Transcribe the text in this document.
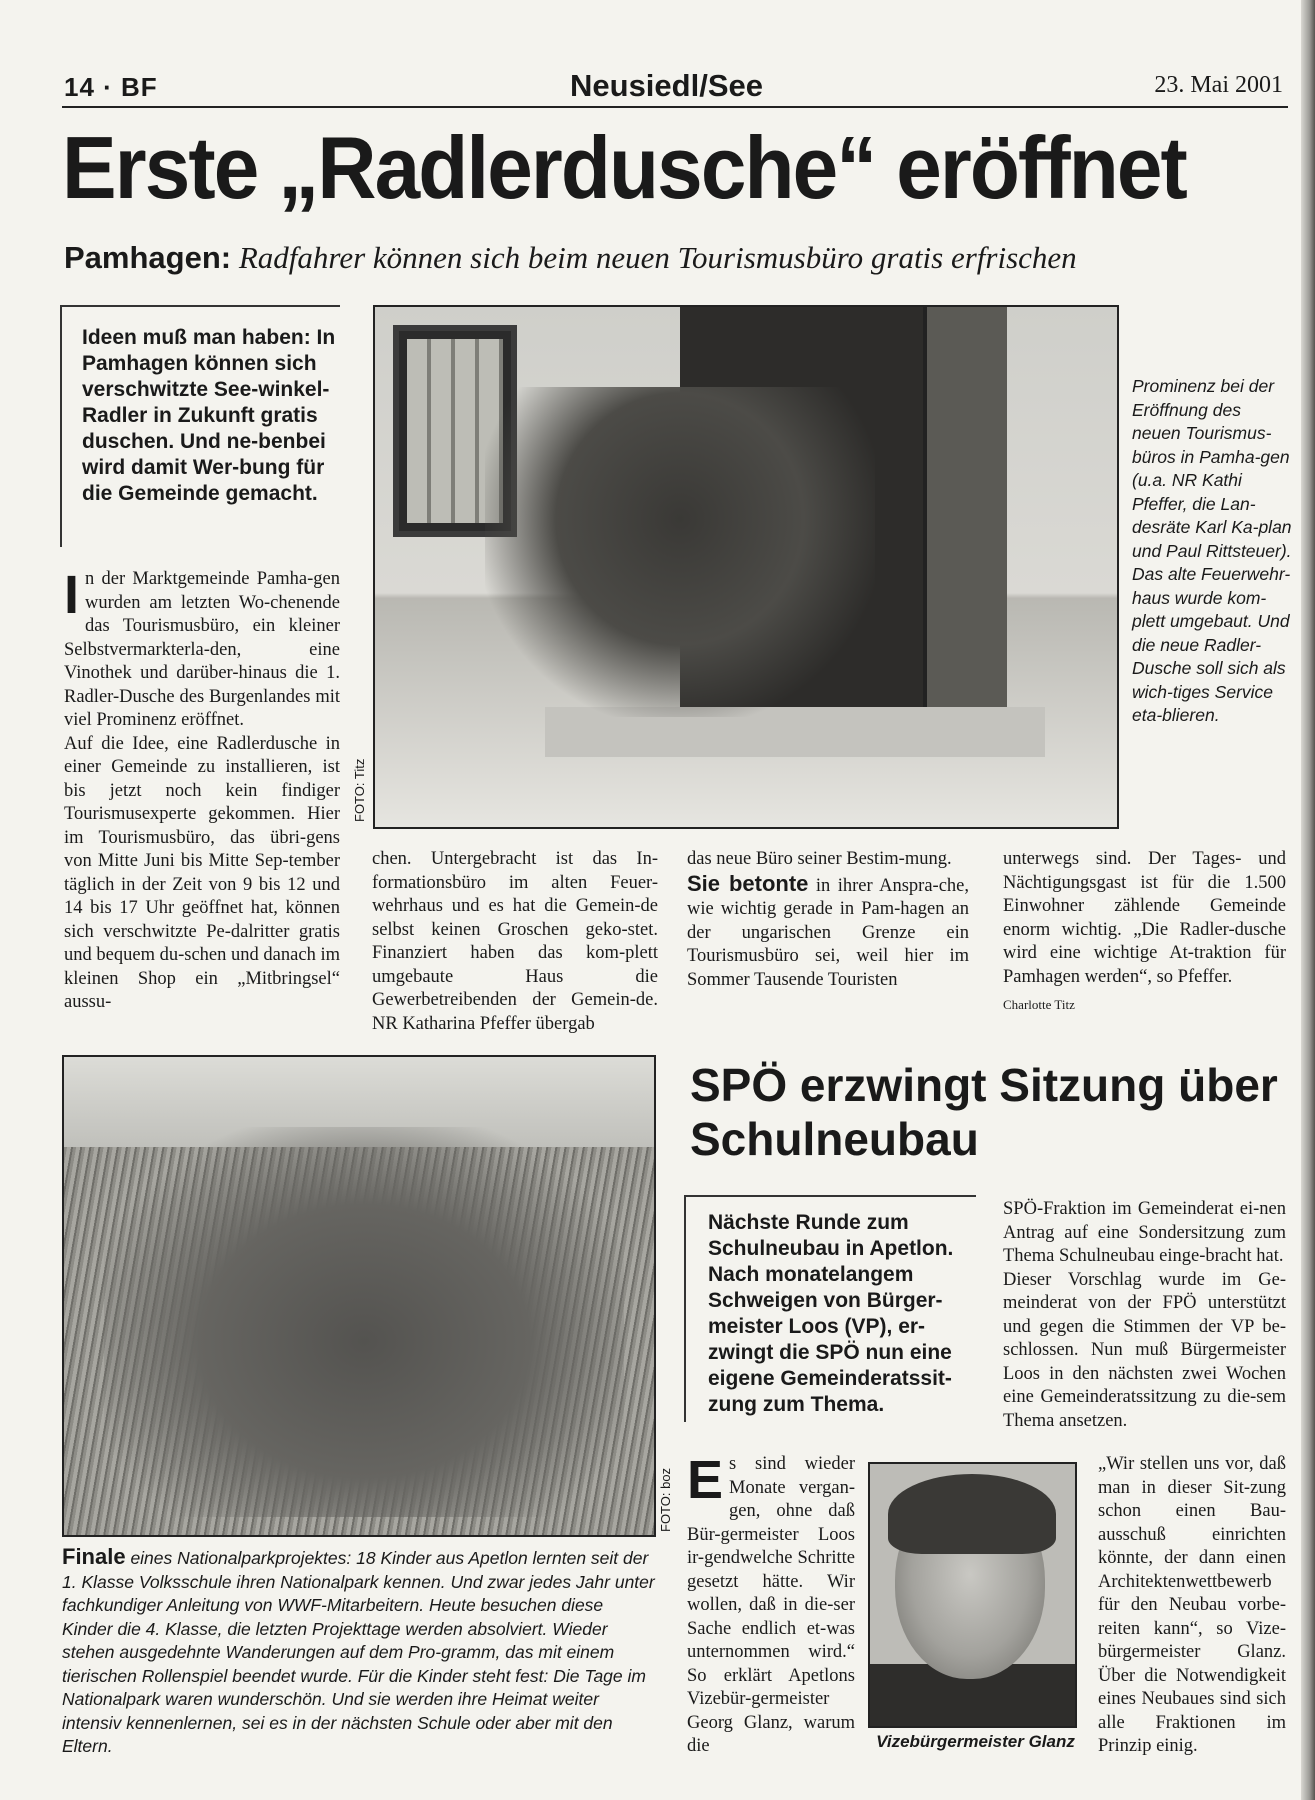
14 · BF	Neusiedl/See	23. Mai 2001
Erste „Radlerdusche“ eröffnet
Pamhagen: Radfahrer können sich beim neuen Tourismusbüro gratis erfrischen
Ideen muß man haben: In Pamhagen können sich verschwitzte See-winkel-Radler in Zukunft gratis duschen. Und ne-benbei wird damit Wer-bung für die Gemeinde gemacht.
FOTO: Titz
Prominenz bei der Eröffnung des neuen Tourismus-büros in Pamha-gen (u.a. NR Kathi Pfeffer, die Lan-desräte Karl Ka-plan und Paul Rittsteuer). Das alte Feuerwehr-haus wurde kom-plett umgebaut. Und die neue Radler-Dusche soll sich als wich-tiges Service eta-blieren.
In der Marktgemeinde Pamha-gen wurden am letzten Wo-chenende das Tourismusbüro, ein kleiner Selbstvermarkterla-den, eine Vinothek und darüber-hinaus die 1. Radler-Dusche des Burgenlandes mit viel Prominenz eröffnet.
Auf die Idee, eine Radlerdusche in einer Gemeinde zu installieren, ist bis jetzt noch kein findiger Tourismusexperte gekommen. Hier im Tourismusbüro, das übri-gens von Mitte Juni bis Mitte Sep-tember täglich in der Zeit von 9 bis 12 und 14 bis 17 Uhr geöffnet hat, können sich verschwitzte Pe-dalritter gratis und bequem du-schen und danach im kleinen Shop ein „Mitbringsel“ aussu-
chen. Untergebracht ist das In-formationsbüro im alten Feuer-wehrhaus und es hat die Gemein-de selbst keinen Groschen geko-stet. Finanziert haben das kom-plett umgebaute Haus die Gewerbetreibenden der Gemein-de. NR Katharina Pfeffer übergab
das neue Büro seiner Bestim-mung.
Sie betonte in ihrer Anspra-che, wie wichtig gerade in Pam-hagen an der ungarischen Grenze ein Tourismusbüro sei, weil hier im Sommer Tausende Touristen
unterwegs sind. Der Tages- und Nächtigungsgast ist für die 1.500 Einwohner zählende Gemeinde enorm wichtig. „Die Radler-dusche wird eine wichtige At-traktion für Pamhagen werden“, so Pfeffer.
Charlotte Titz
FOTO: boz
Finale eines Nationalparkprojektes: 18 Kinder aus Apetlon lernten seit der 1. Klasse Volksschule ihren Nationalpark kennen. Und zwar jedes Jahr unter fachkundiger Anleitung von WWF-Mitarbeitern. Heute besuchen diese Kinder die 4. Klasse, die letzten Projekttage werden absolviert. Wieder stehen ausgedehnte Wanderungen auf dem Pro-gramm, das mit einem tierischen Rollenspiel beendet wurde. Für die Kinder steht fest: Die Tage im Nationalpark waren wunderschön. Und sie werden ihre Heimat weiter intensiv kennenlernen, sei es in der nächsten Schule oder aber mit den Eltern.
SPÖ erzwingt Sitzung über Schulneubau
Nächste Runde zum Schulneubau in Apetlon. Nach monatelangem Schweigen von Bürger-meister Loos (VP), er-zwingt die SPÖ nun eine eigene Gemeinderatssit-zung zum Thema.
Es sind wieder Monate vergan-gen, ohne daß Bür-germeister Loos ir-gendwelche Schritte gesetzt hätte. Wir wollen, daß in die-ser Sache endlich et-was unternommen wird.“ So erklärt Apetlons Vizebür-germeister Georg Glanz, warum die	Vizebürgermeister Glanz
SPÖ-Fraktion im Gemeinderat ei-nen Antrag auf eine Sondersitzung zum Thema Schulneubau einge-bracht hat.
Dieser Vorschlag wurde im Ge-meinderat von der FPÖ unterstützt und gegen die Stimmen der VP be-schlossen. Nun muß Bürgermeister Loos in den nächsten zwei Wochen eine Gemeinderatssitzung zu die-sem Thema ansetzen.
„Wir stellen uns vor, daß man in dieser Sit-zung schon einen Bau-ausschuß einrichten könnte, der dann einen Architektenwettbewerb für den Neubau vorbe-reiten kann“, so Vize-bürgermeister Glanz. Über die Notwendigkeit eines Neubaues sind sich alle Fraktionen im Prinzip einig.
